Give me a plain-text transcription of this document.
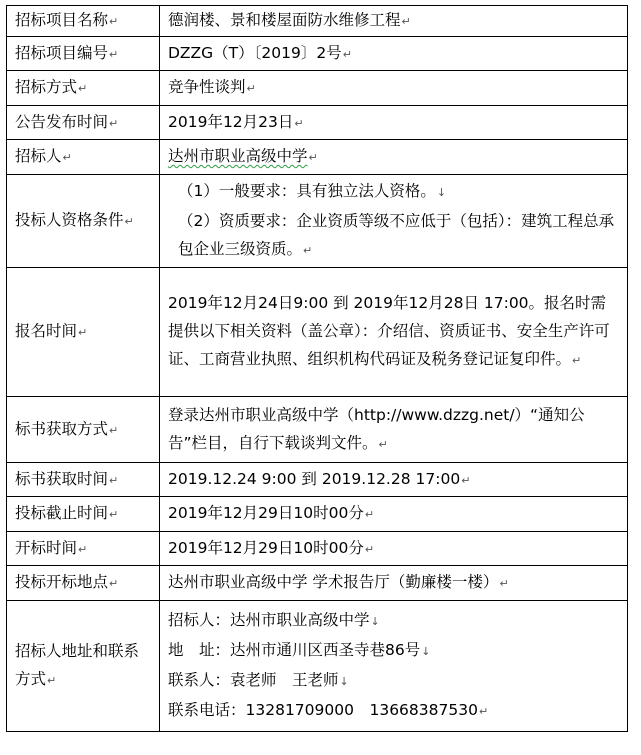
招标项目名称↵	德润楼、景和楼屋面防水维修工程↵
招标项目编号↵	DZZG（T）〔2019〕2号↵
招标方式↵	竞争性谈判↵
公告发布时间↵	2019年12月23日↵
招标人↵	达州市职业高级中学↵
投标人资格条件↵	（1）一般要求：具有独立法人资格。↓
（2）资质要求：企业资质等级不应低于（包括）：建筑工程总承包企业三级资质。↵

报名时间↵	2019年12月24日9:00 到 2019年12月28日 17:00。报名时需提供以下相关资料（盖公章）：介绍信、资质证书、安全生产许可证、工商营业执照、组织机构代码证及税务登记证复印件。↵
标书获取方式↵	登录达州市职业高级中学（http://www.dzzg.net/）“通知公告”栏目，自行下载谈判文件。↵
标书获取时间↵	2019.12.24 9:00 到 2019.12.28 17:00↵
投标截止时间↵	2019年12月29日10时00分↵
开标时间↵	2019年12月29日10时00分↵
投标开标地点↵	达州市职业高级中学 学术报告厅（勤廉楼一楼）↵
招标人地址和联系方式↵	招标人：达州市职业高级中学↓
地　址：达州市通川区西圣寺巷86号↓
联系人：袁老师　王老师↓
联系电话：13281709000　13668387530↵
